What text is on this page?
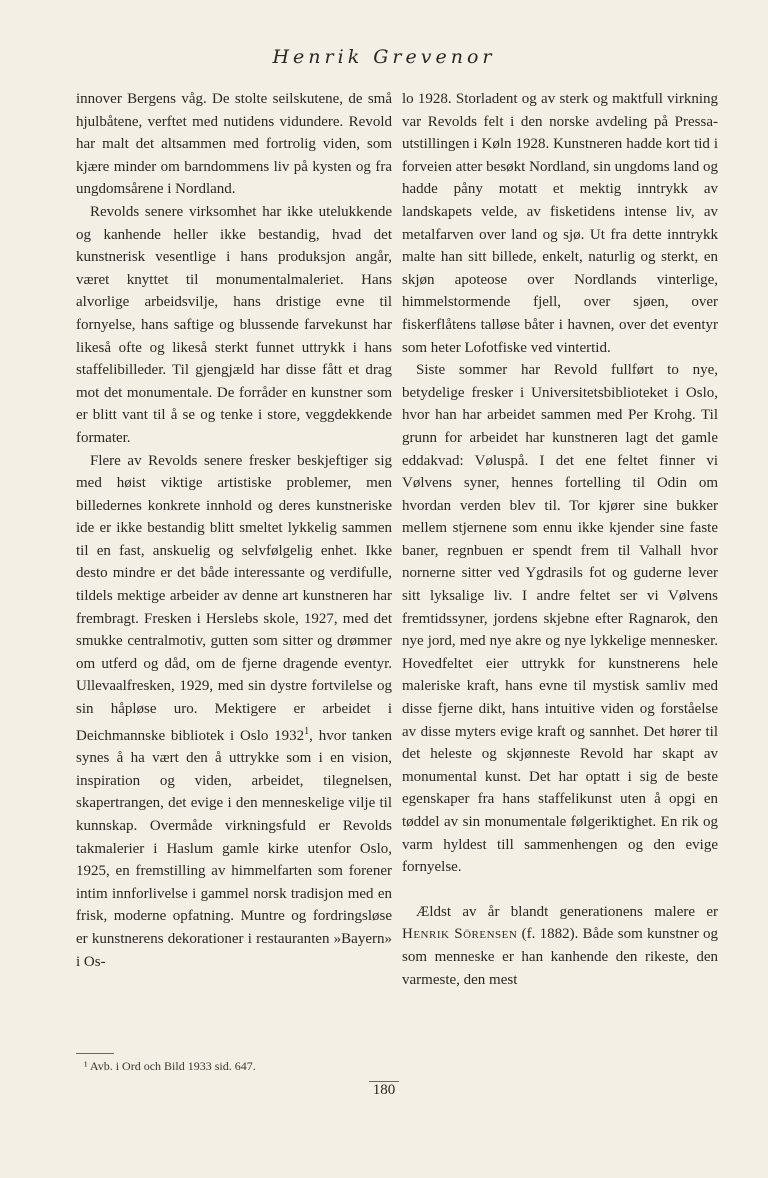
Henrik Grevenor

innover Bergens våg. De stolte seilskutene, de små hjulbåtene, verftet med nutidens vidundere. Revold har malt det altsammen med fortrolig viden, som kjære minder om barndommens liv på kysten og fra ungdomsårene i Nordland.

Revolds senere virksomhet har ikke utelukkende og kanhende heller ikke bestandig, hvad det kunstnerisk vesentlige i hans produksjon angår, været knyttet til monumentalmaleriet. Hans alvorlige arbeidsvilje, hans dristige evne til fornyelse, hans saftige og blussende farvekunst har likeså ofte og likeså sterkt funnet uttrykk i hans staffelibilleder. Til gjengjæld har disse fått et drag mot det monumentale. De forråder en kunstner som er blitt vant til å se og tenke i store, veggdekkende formater.

Flere av Revolds senere fresker beskjeftiger sig med høist viktige artistiske problemer, men billedernes konkrete innhold og deres kunstneriske ide er ikke bestandig blitt smeltet lykkelig sammen til en fast, anskuelig og selvfølgelig enhet. Ikke desto mindre er det både interessante og verdifulle, tildels mektige arbeider av denne art kunstneren har frembragt. Fresken i Herslebs skole, 1927, med det smukke centralmotiv, gutten som sitter og drømmer om utferd og dåd, om de fjerne dragende eventyr. Ullevaalfresken, 1929, med sin dystre fortvilelse og sin håpløse uro. Mektigere er arbeidet i Deichmannske bibliotek i Oslo 1932$^1$, hvor tanken synes å ha vært den å uttrykke som i en vision, inspiration og viden, arbeidet, tilegnelsen, skapertrangen, det evige i den menneskelige vilje til kunnskap. Overmåde virkningsfuld er Revolds takmalerier i Haslum gamle kirke utenfor Oslo, 1925, en fremstilling av himmelfarten som forener intim innforlivelse i gammel norsk tradisjon med en frisk, moderne opfatning. Muntre og fordringsløse er kunstnerens dekorationer i restauranten »Bayern» i Os-

lo 1928. Storladent og av sterk og maktfull virkning var Revolds felt i den norske avdeling på Pressa-utstillingen i Køln 1928. Kunstneren hadde kort tid i forveien atter besøkt Nordland, sin ungdoms land og hadde påny motatt et mektig inntrykk av landskapets velde, av fisketidens intense liv, av metalfarven over land og sjø. Ut fra dette inntrykk malte han sitt billede, enkelt, naturlig og sterkt, en skjøn apoteose over Nordlands vinterlige, himmelstormende fjell, over sjøen, over fiskerflåtens talløse båter i havnen, over det eventyr som heter Lofotfiske ved vintertid.

Siste sommer har Revold fullført to nye, betydelige fresker i Universitetsbiblioteket i Oslo, hvor han har arbeidet sammen med Per Krohg. Til grunn for arbeidet har kunstneren lagt det gamle eddakvad: Vøluspå. I det ene feltet finner vi Vølvens syner, hennes fortelling til Odin om hvordan verden blev til. Tor kjører sine bukker mellem stjernene som ennu ikke kjender sine faste baner, regnbuen er spendt frem til Valhall hvor nornerne sitter ved Ygdrasils fot og guderne lever sitt lyksalige liv. I andre feltet ser vi Vølvens fremtidssyner, jordens skjebne efter Ragnarok, den nye jord, med nye akre og nye lykkelige mennesker. Hovedfeltet eier uttrykk for kunstnerens hele maleriske kraft, hans evne til mystisk samliv med disse fjerne dikt, hans intuitive viden og forståelse av disse myters evige kraft og sannhet. Det hører til det heleste og skjønneste Revold har skapt av monumental kunst. Det har optatt i sig de beste egenskaper fra hans staffelikunst uten å opgi en tøddel av sin monumentale følgeriktighet. En rik og varm hyldest till sammenhengen og den evige fornyelse.

Ældst av år blandt generationens malere er Henrik Sörensen (f. 1882). Både som kunstner og som menneske er han kanhende den rikeste, den varmeste, den mest

¹ Avb. i Ord och Bild 1933 sid. 647.
180
